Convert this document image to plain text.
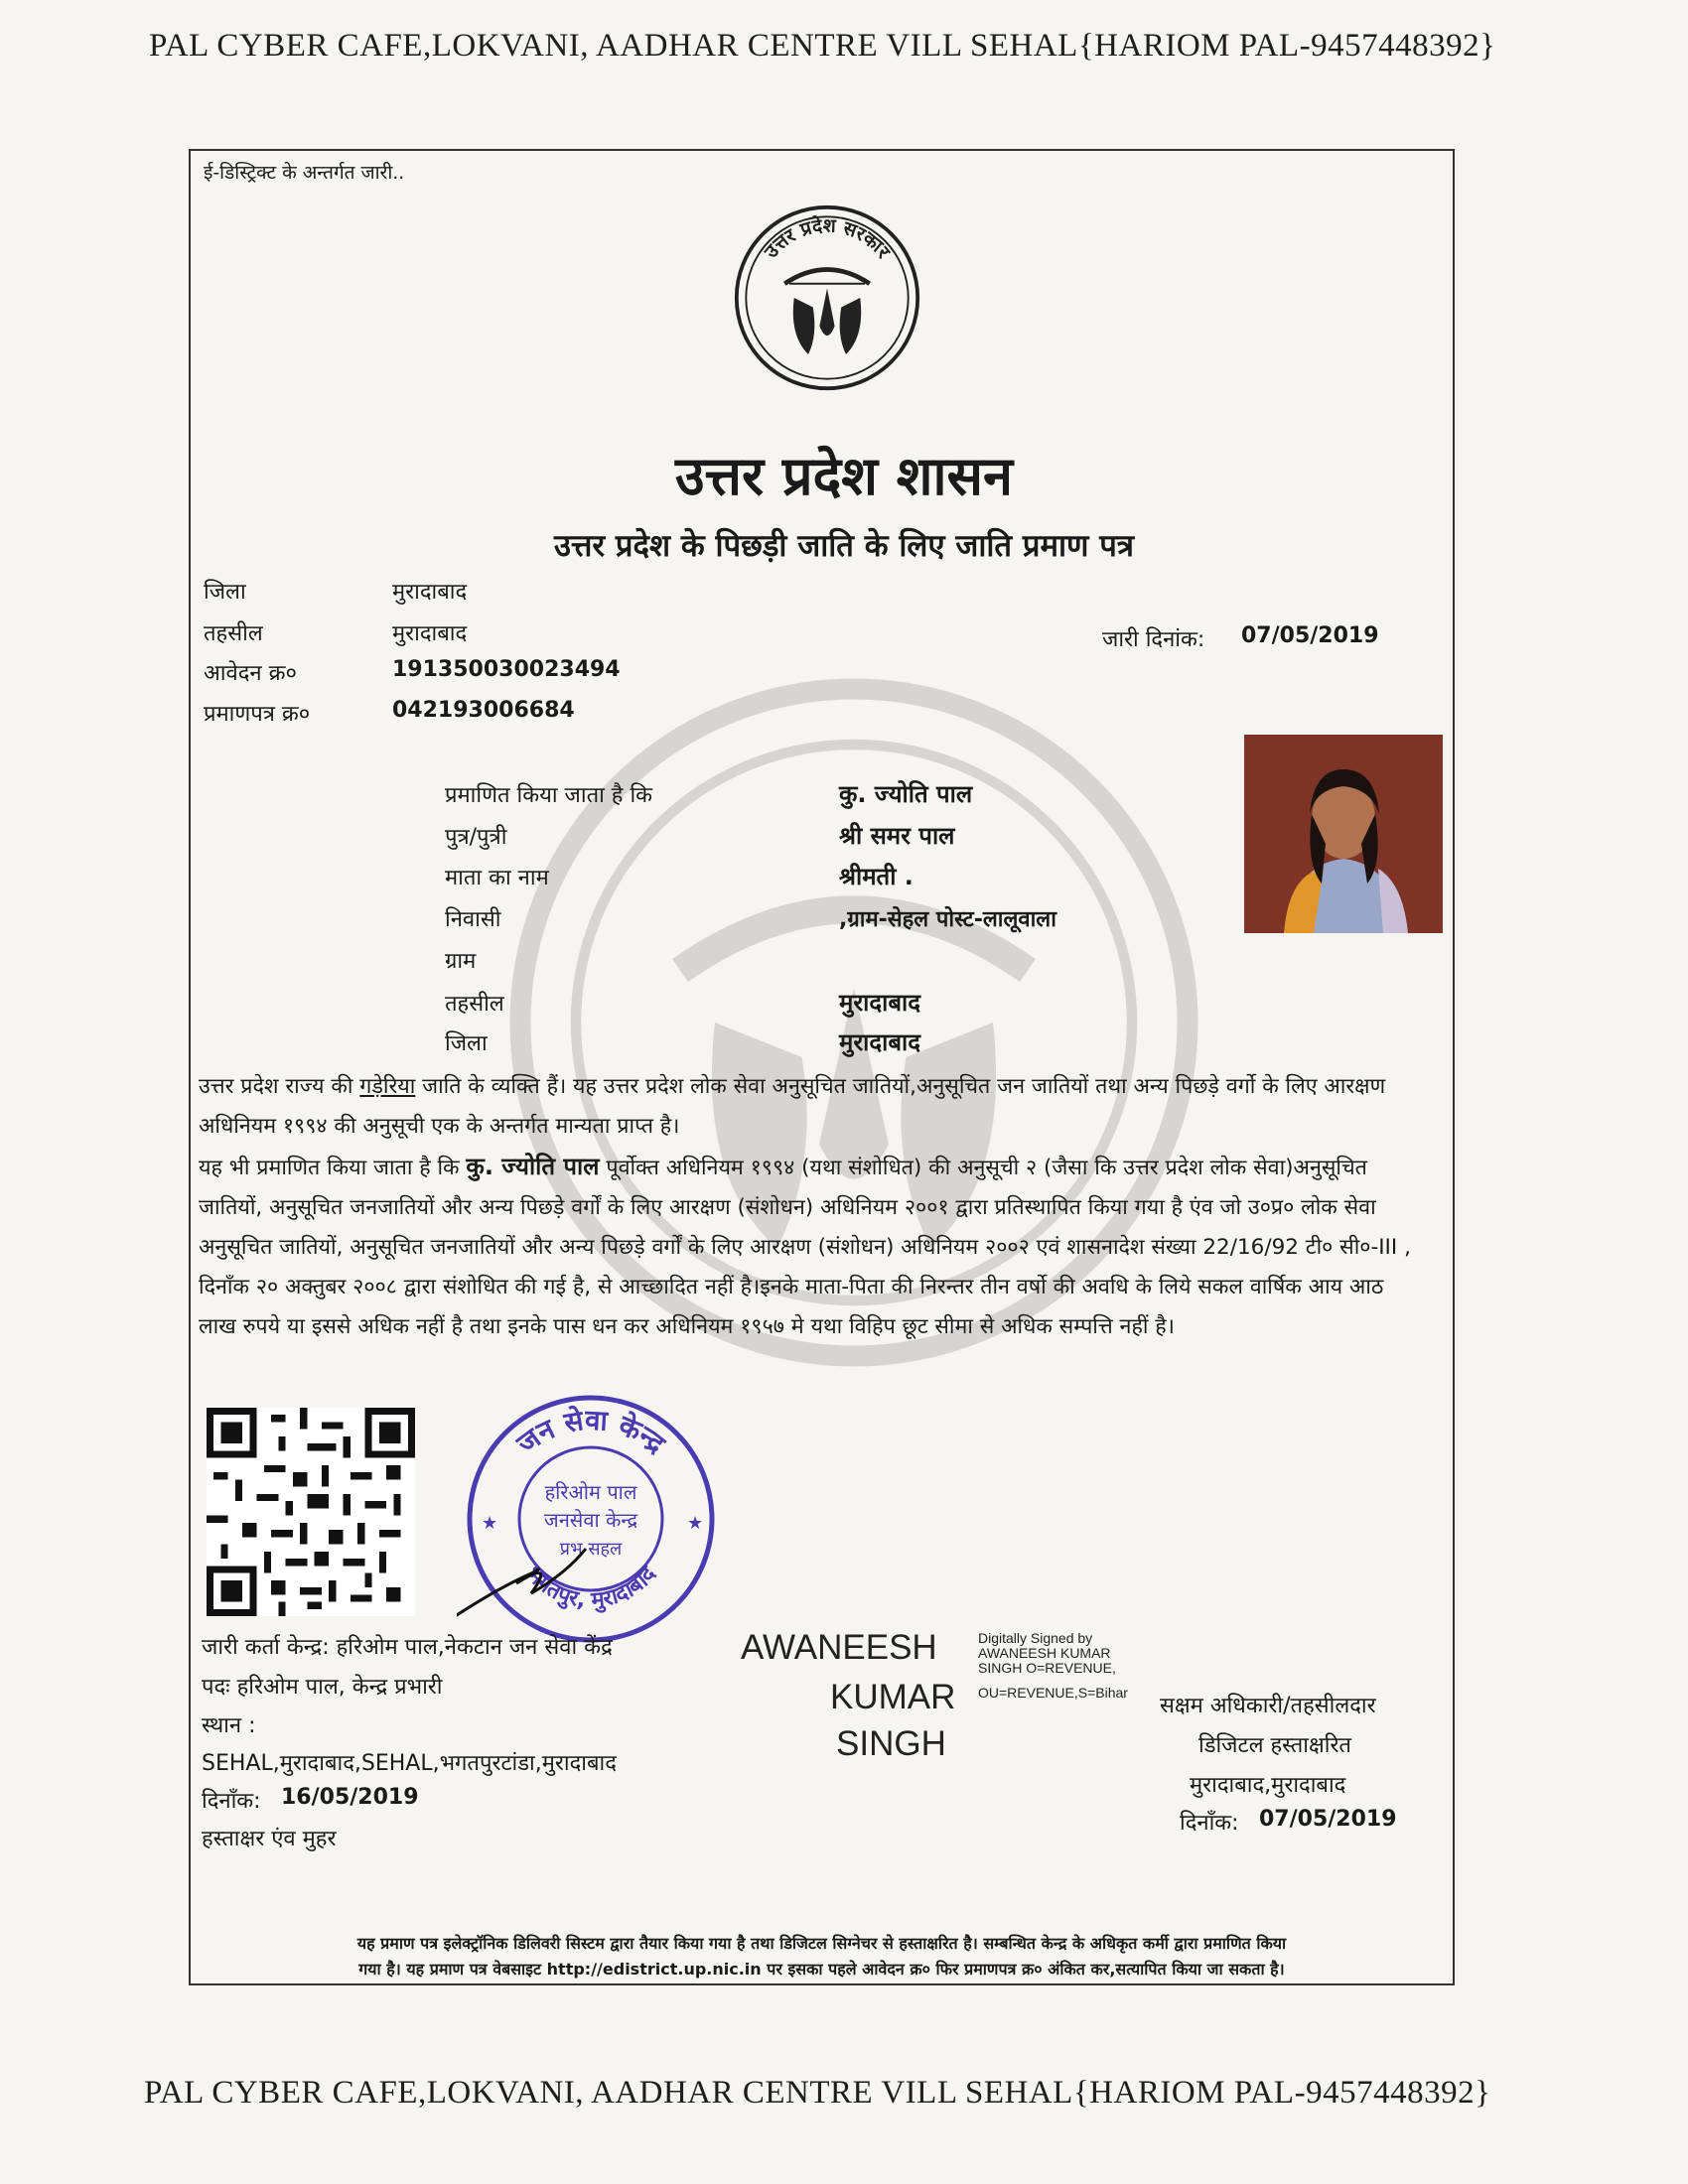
PAL CYBER CAFE,LOKVANI, AADHAR CENTRE VILL SEHAL{HARIOM PAL-9457448392}
ई-डिस्ट्रिक्ट के अन्तर्गत जारी..
उत्तर प्रदेश सरकार
उत्तर प्रदेश शासन
उत्तर प्रदेश के पिछड़ी जाति के लिए जाति प्रमाण पत्र
जिला	मुरादाबाद
तहसील	मुरादाबाद
आवेदन क्र०	191350030023494
प्रमाणपत्र क्र०	042193006684
जारी दिनांक: 07/05/2019
प्रमाणित किया जाता है कि	कु. ज्योति पाल
पुत्र/पुत्री	श्री समर पाल
माता का नाम	श्रीमती .
निवासी	,ग्राम-सेहल पोस्ट-लालूवाला
ग्राम
तहसील	मुरादाबाद
जिला	मुरादाबाद
उत्तर प्रदेश राज्य की गड़ेरिया जाति के व्यक्ति हैं। यह उत्तर प्रदेश लोक सेवा अनुसूचित जातियों,अनुसूचित जन जातियों तथा अन्य पिछड़े वर्गो के लिए आरक्षण अधिनियम १९९४ की अनुसूची एक के अन्तर्गत मान्यता प्राप्त है।
यह भी प्रमाणित किया जाता है कि कु. ज्योति पाल पूर्वोक्त अधिनियम १९९४ (यथा संशोधित) की अनुसूची २ (जैसा कि उत्तर प्रदेश लोक सेवा)अनुसूचित जातियों, अनुसूचित जनजातियों और अन्य पिछड़े वर्गों के लिए आरक्षण (संशोधन) अधिनियम २००१ द्वारा प्रतिस्थापित किया गया है एंव जो उ०प्र० लोक सेवा अनुसूचित जातियों, अनुसूचित जनजातियों और अन्य पिछड़े वर्गों के लिए आरक्षण (संशोधन) अधिनियम २००२ एवं शासनादेश संख्या 22/16/92 टी० सी०-III , दिनाँक २० अक्तुबर २००८ द्वारा संशोधित की गई है, से आच्छादित नहीं है।इनके माता-पिता की निरन्तर तीन वर्षो की अवधि के लिये सकल वार्षिक आय आठ लाख रुपये या इससे अधिक नहीं है तथा इनके पास धन कर अधिनियम १९५७ मे यथा विहिप छूट सीमा से अधिक सम्पत्ति नहीं है।
जन सेवा केन्द्र
भगतपुर, मुरादाबाद
हरिओम पाल
जनसेवा केन्द्र
प्रभ सहल
★	★
जारी कर्ता केन्द्र: हरिओम पाल,नेकटान जन सेवा केंद्र
पदः हरिओम पाल, केन्द्र प्रभारी
स्थान :
SEHAL,मुरादाबाद,SEHAL,भगतपुरटांडा,मुरादाबाद
दिनाँक: 16/05/2019
हस्ताक्षर एंव मुहर
AWANEESH
KUMAR
SINGH
Digitally Signed by
AWANEESH KUMAR
SINGH O=REVENUE,
OU=REVENUE,S=Bihar
सक्षम अधिकारी/तहसीलदार
डिजिटल हस्ताक्षरित
मुरादाबाद,मुरादाबाद
दिनाँक: 07/05/2019
यह प्रमाण पत्र इलेक्ट्रॉनिक डिलिवरी सिस्टम द्वारा तैयार किया गया है तथा डिजिटल सिग्नेचर से हस्ताक्षरित है। सम्बन्धित केन्द्र के अधिकृत कर्मी द्वारा प्रमाणित किया
गया है। यह प्रमाण पत्र वेबसाइट http://edistrict.up.nic.in पर इसका पहले आवेदन क्र० फिर प्रमाणपत्र क्र० अंकित कर,सत्यापित किया जा सकता है।
PAL CYBER CAFE,LOKVANI, AADHAR CENTRE VILL SEHAL{HARIOM PAL-9457448392}
